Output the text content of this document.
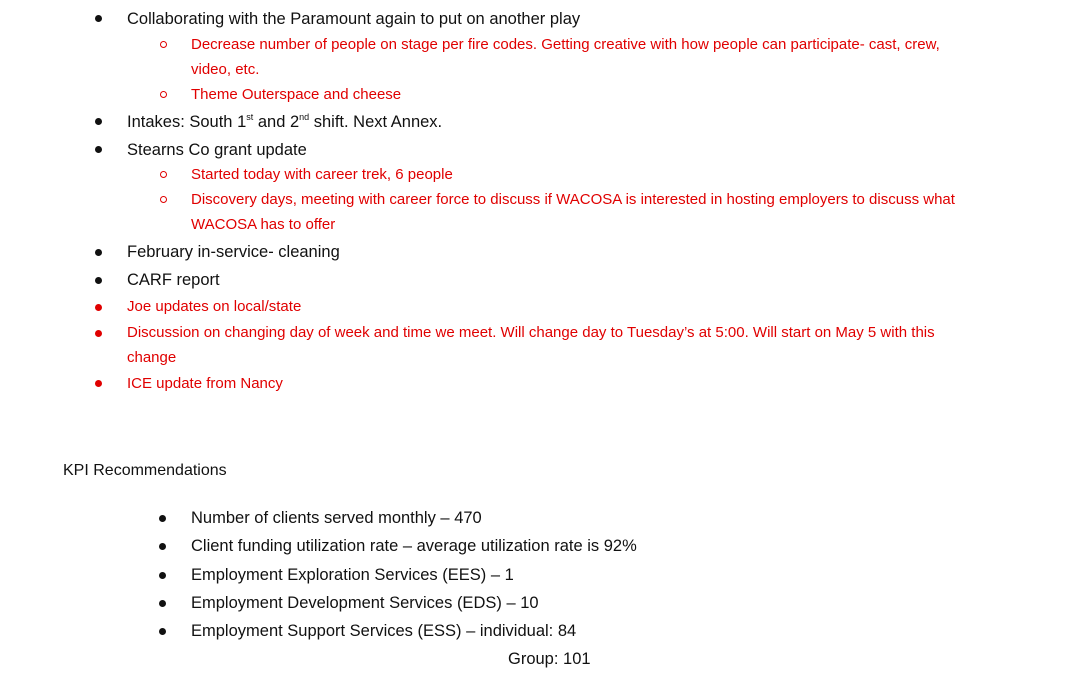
Collaborating with the Paramount again to put on another play
Decrease number of people on stage per fire codes. Getting creative with how people can participate- cast, crew,
video, etc.
Theme Outerspace and cheese
Intakes: South 1st and 2nd shift. Next Annex.
Stearns Co grant update
Started today with career trek, 6 people
Discovery days, meeting with career force to discuss if WACOSA is interested in hosting employers to discuss what
WACOSA has to offer
February in-service- cleaning
CARF report
Joe updates on local/state
Discussion on changing day of week and time we meet. Will change day to Tuesday’s at 5:00. Will start on May 5 with this
change
ICE update from Nancy
KPI Recommendations
Number of clients served monthly – 470
Client funding utilization rate – average utilization rate is 92%
Employment Exploration Services (EES) – 1
Employment Development Services (EDS) – 10
Employment Support Services (ESS) – individual: 84
Group: 101
